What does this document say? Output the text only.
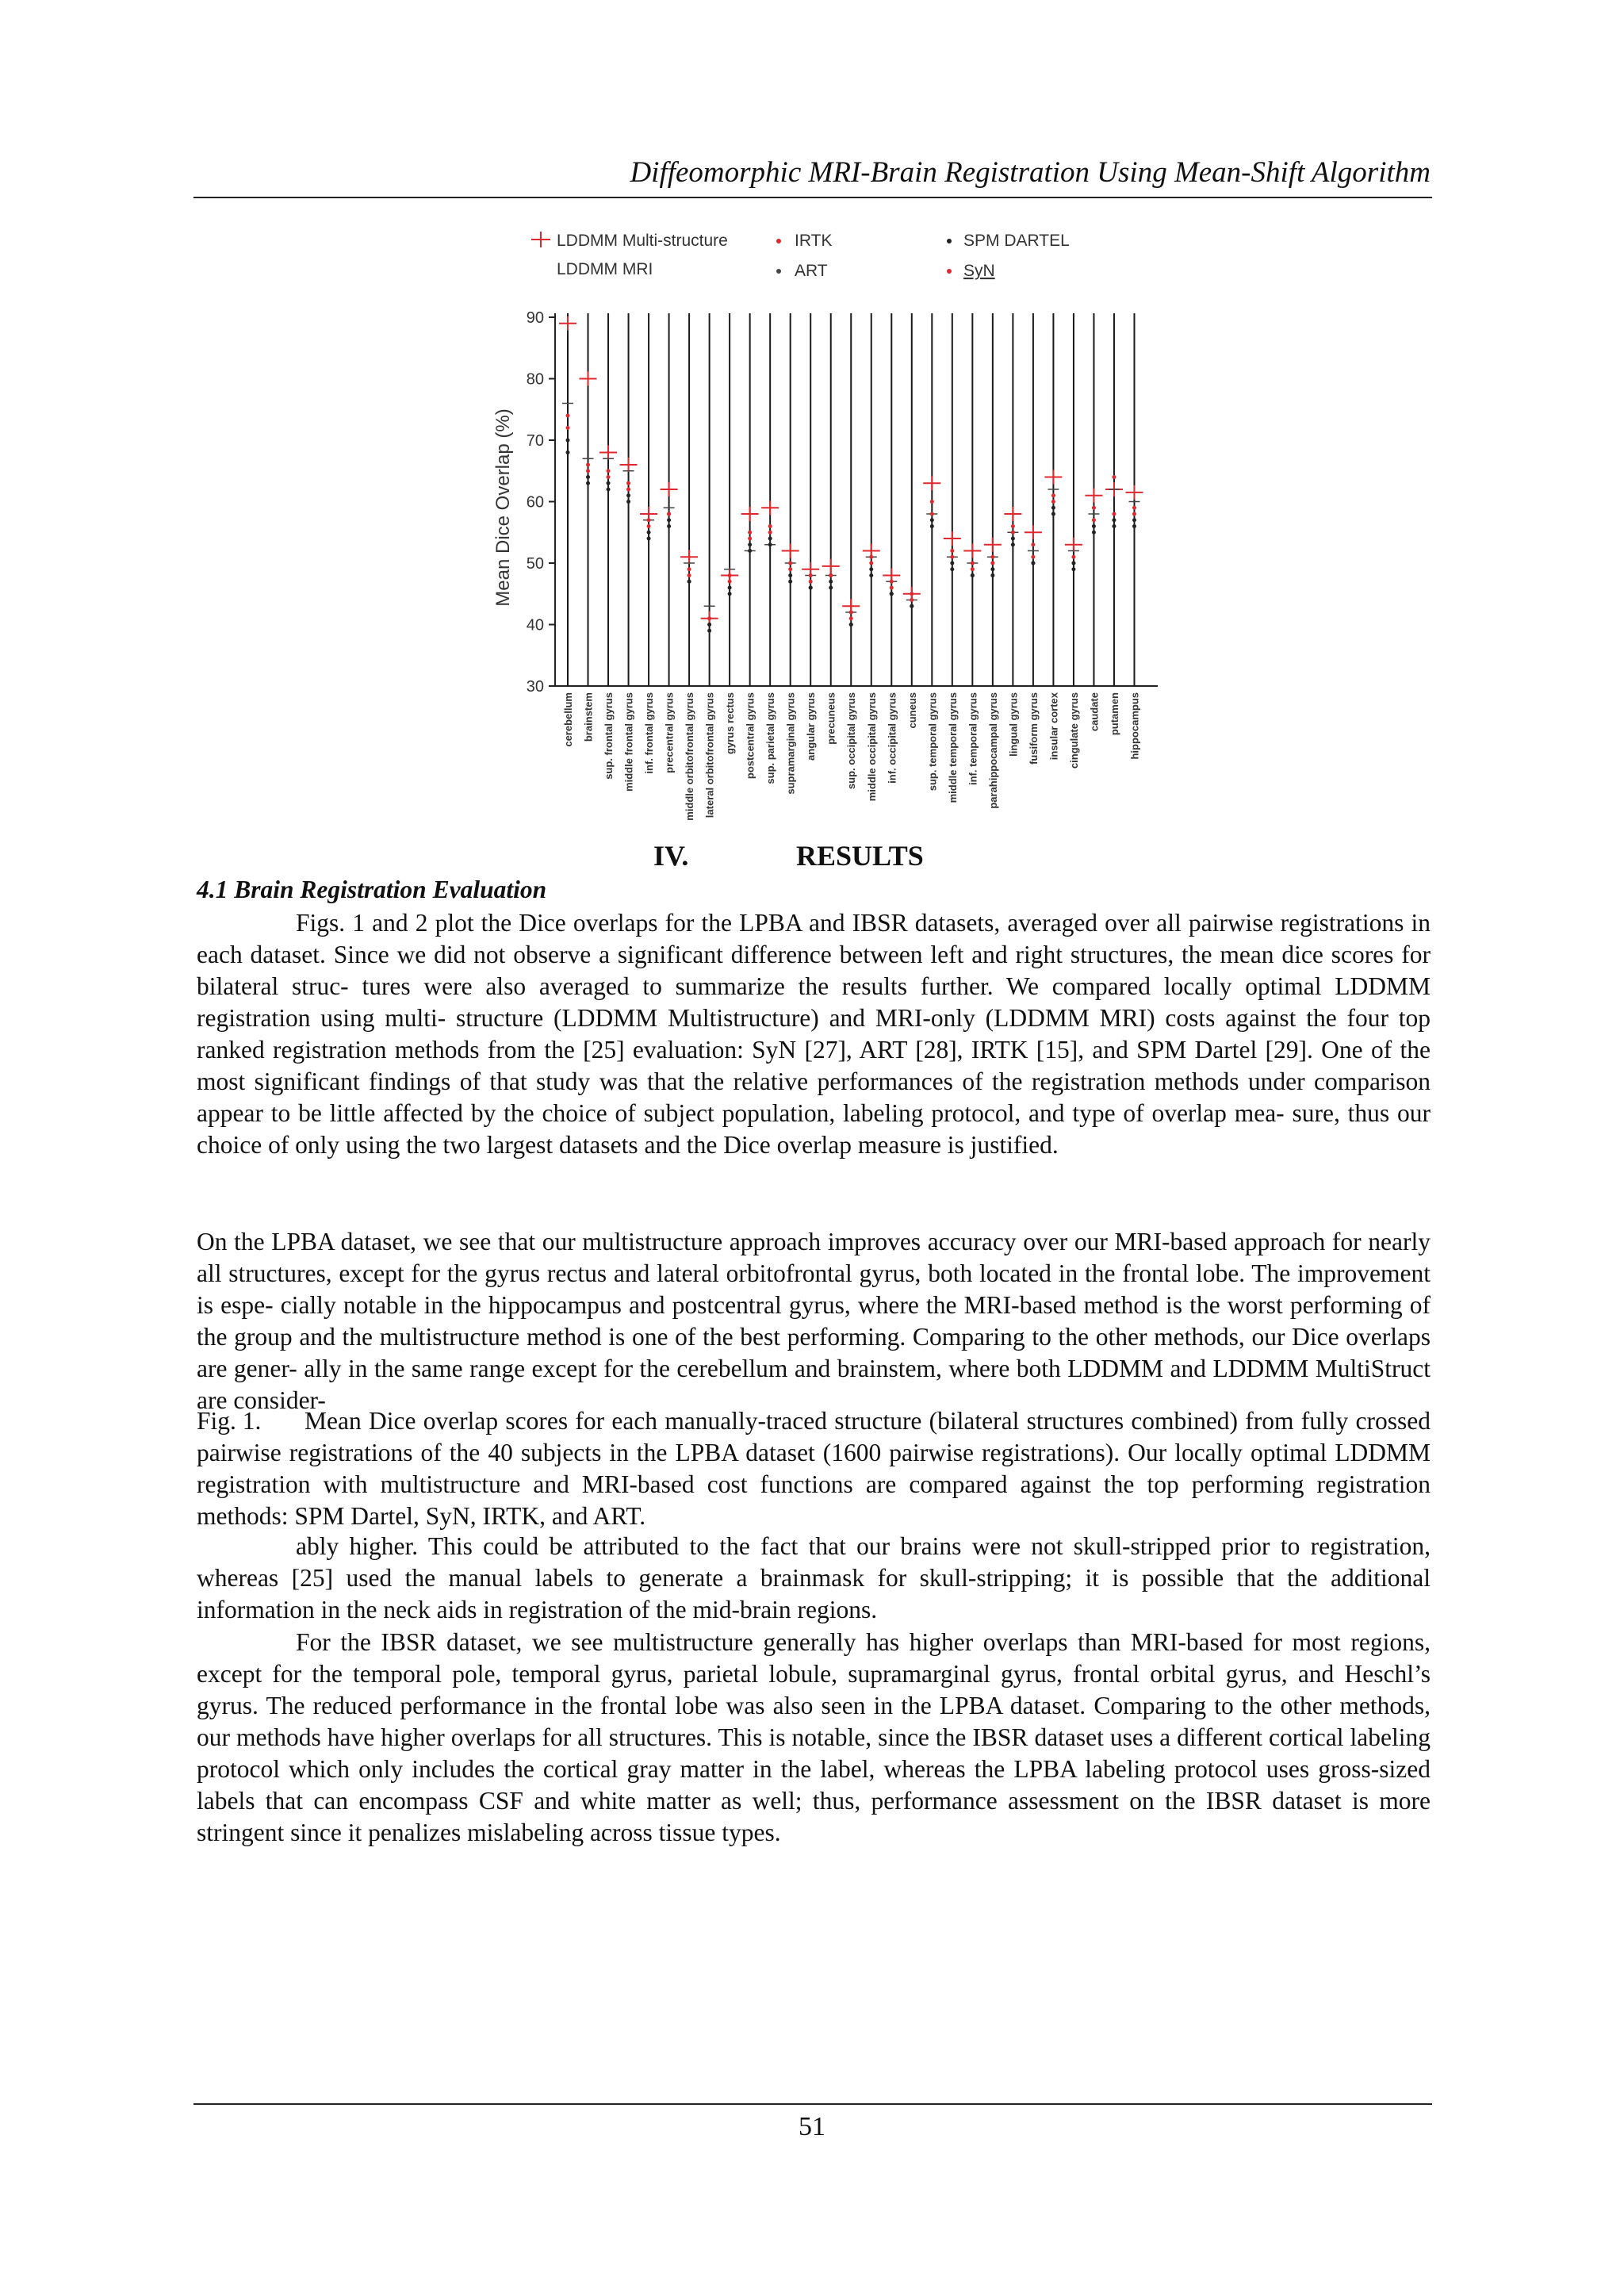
Diffeomorphic MRI-Brain Registration Using Mean-Shift Algorithm
LDDMM Multi-structure	IRTK	SPM DARTEL
LDDMM MRI	ART	SyN
Mean Dice Overlap (%)
30
40
50
60
70
80
90
cerebellum brainstem sup. frontal gyrus middle frontal gyrus inf. frontal gyrus precentral gyrus middle orbitofrontal gyrus lateral orbitofrontal gyrus gyrus rectus postcentral gyrus sup. parietal gyrus supramarginal gyrus angular gyrus precuneus sup. occipital gyrus middle occipital gyrus inf. occipital gyrus cuneus sup. temporal gyrus middle temporal gyrus inf. temporal gyrus parahippocampal gyrus lingual gyrus fusiform gyrus insular cortex cingulate gyrus caudate putamen hippocampus
IV.	RESULTS
4.1 Brain Registration Evaluation
Figs. 1 and 2 plot the Dice overlaps for the LPBA and IBSR datasets, averaged over all pairwise registrations in each dataset. Since we did not observe a significant difference between left and right structures, the mean dice scores for bilateral struc- tures were also averaged to summarize the results further. We compared locally optimal LDDMM registration using multi- structure (LDDMM Multistructure) and MRI-only (LDDMM MRI) costs against the four top ranked registration methods from the [25] evaluation: SyN [27], ART [28], IRTK [15], and SPM Dartel [29]. One of the most significant findings of that study was that the relative performances of the registration methods under comparison appear to be little affected by the choice of subject population, labeling protocol, and type of overlap mea- sure, thus our choice of only using the two largest datasets and the Dice overlap measure is justified.
On the LPBA dataset, we see that our multistructure approach improves accuracy over our MRI-based approach for nearly all structures, except for the gyrus rectus and lateral orbitofrontal gyrus, both located in the frontal lobe. The improvement is espe- cially notable in the hippocampus and postcentral gyrus, where the MRI-based method is the worst performing of the group and the multistructure method is one of the best performing. Comparing to the other methods, our Dice overlaps are gener- ally in the same range except for the cerebellum and brainstem, where both LDDMM and LDDMM MultiStruct are consider-
Fig. 1. Mean Dice overlap scores for each manually-traced structure (bilateral structures combined) from fully crossed pairwise registrations of the 40 subjects in the LPBA dataset (1600 pairwise registrations). Our locally optimal LDDMM registration with multistructure and MRI-based cost functions are compared against the top performing registration methods: SPM Dartel, SyN, IRTK, and ART.
ably higher. This could be attributed to the fact that our brains were not skull-stripped prior to registration, whereas [25] used the manual labels to generate a brainmask for skull-stripping; it is possible that the additional information in the neck aids in registration of the mid-brain regions.
For the IBSR dataset, we see multistructure generally has higher overlaps than MRI-based for most regions, except for the temporal pole, temporal gyrus, parietal lobule, supramarginal gyrus, frontal orbital gyrus, and Heschl’s gyrus. The reduced performance in the frontal lobe was also seen in the LPBA dataset. Comparing to the other methods, our methods have higher overlaps for all structures. This is notable, since the IBSR dataset uses a different cortical labeling protocol which only includes the cortical gray matter in the label, whereas the LPBA labeling protocol uses gross-sized labels that can encompass CSF and white matter as well; thus, performance assessment on the IBSR dataset is more stringent since it penalizes mislabeling across tissue types.
51
